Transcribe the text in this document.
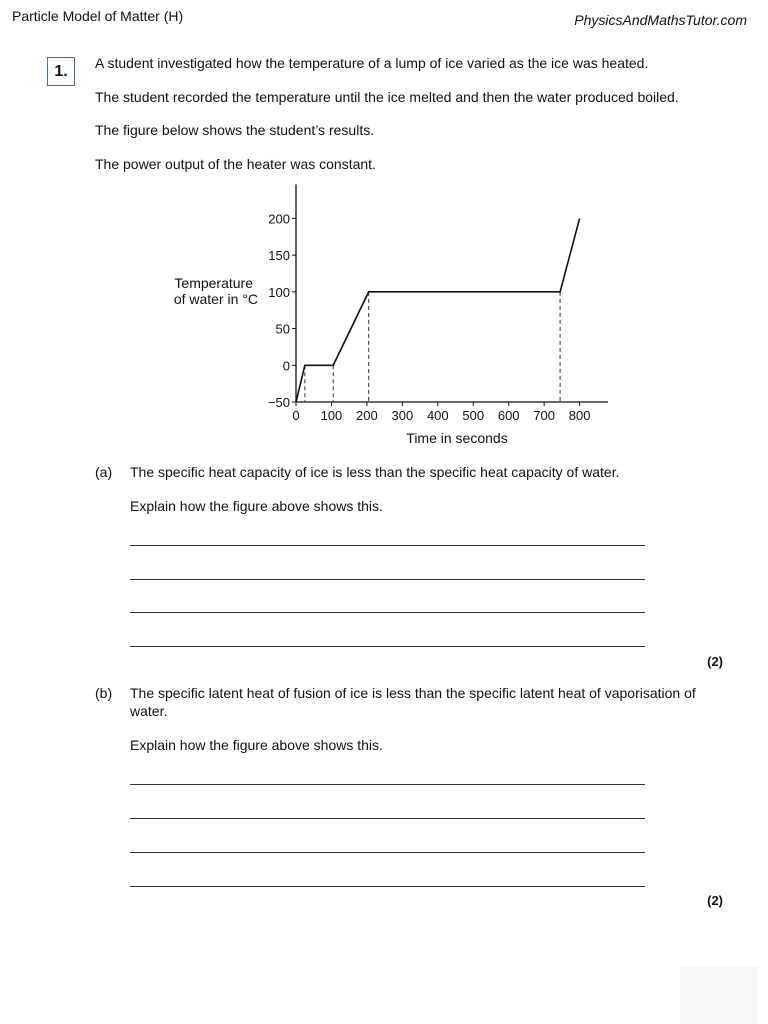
Particle Model of Matter (H)	PhysicsAndMathsTutor.com
1.	A student investigated how the temperature of a lump of ice varied as the ice was heated.
The student recorded the temperature until the ice melted and then the water produced boiled.
The figure below shows the student’s results.
The power output of the heater was constant.
Temperature
of water in °C
Time in seconds
0 100 200 300 400 500 600 700 800
−50
0
50
100
150
200
(a) The specific heat capacity of ice is less than the specific heat capacity of water.
Explain how the figure above shows this.
(2)
(b) The specific latent heat of fusion of ice is less than the specific latent heat of vaporisation of water.
Explain how the figure above shows this.
(2)
